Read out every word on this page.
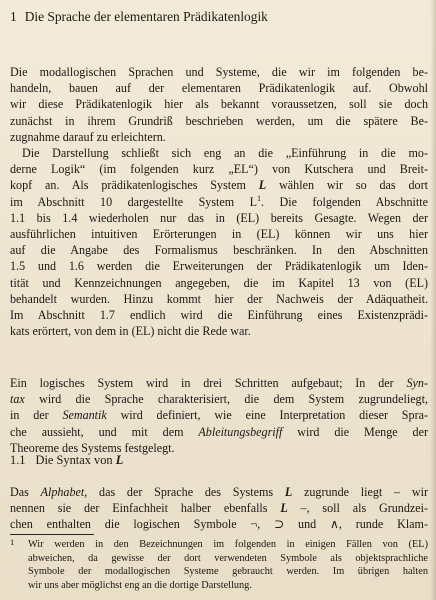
1 Die Sprache der elementaren Prädikatenlogik
Die modallogischen Sprachen und Systeme, die wir im folgenden be-
handeln, bauen auf der elementaren Prädikatenlogik auf. Obwohl
wir diese Prädikatenlogik hier als bekannt voraussetzen, soll sie doch
zunächst in ihrem Grundriß beschrieben werden, um die spätere Be-
zugnahme darauf zu erleichtern.
Die Darstellung schließt sich eng an die „Einführung in die mo-
derne Logik“ (im folgenden kurz „EL“) von Kutschera und Breit-
kopf an. Als prädikatenlogisches System L wählen wir so das dort
im Abschnitt 10 dargestellte System $L^1$. Die folgenden Abschnitte
1.1 bis 1.4 wiederholen nur das in (EL) bereits Gesagte. Wegen der
ausführlichen intuitiven Erörterungen in (EL) können wir uns hier
auf die Angabe des Formalismus beschränken. In den Abschnitten
1.5 und 1.6 werden die Erweiterungen der Prädikatenlogik um Iden-
tität und Kennzeichnungen angegeben, die im Kapitel 13 von (EL)
behandelt wurden. Hinzu kommt hier der Nachweis der Adäquatheit.
Im Abschnitt 1.7 endlich wird die Einführung eines Existenzprädi-
kats erörtert, von dem in (EL) nicht die Rede war.
Ein logisches System wird in drei Schritten aufgebaut; In der Syn-
tax wird die Sprache charakterisiert, die dem System zugrundeliegt,
in der Semantik wird definiert, wie eine Interpretation dieser Spra-
che aussieht, und mit dem Ableitungsbegriff wird die Menge der
Theoreme des Systems festgelegt.
1.1 Die Syntax von L
Das Alphabet, das der Sprache des Systems L zugrunde liegt – wir
nennen sie der Einfachheit halber ebenfalls L –, soll als Grundzei-
chen enthalten die logischen Symbole ¬, ⊃ und ∧, runde Klam-
1 Wir werden in den Bezeichnungen im folgenden in einigen Fällen von (EL)
abweichen, da gewisse der dort verwendeten Symbole als objektsprachliche
Symbole der modallogischen Systeme gebraucht werden. Im übrigen halten
wir uns aber möglichst eng an die dortige Darstellung.
